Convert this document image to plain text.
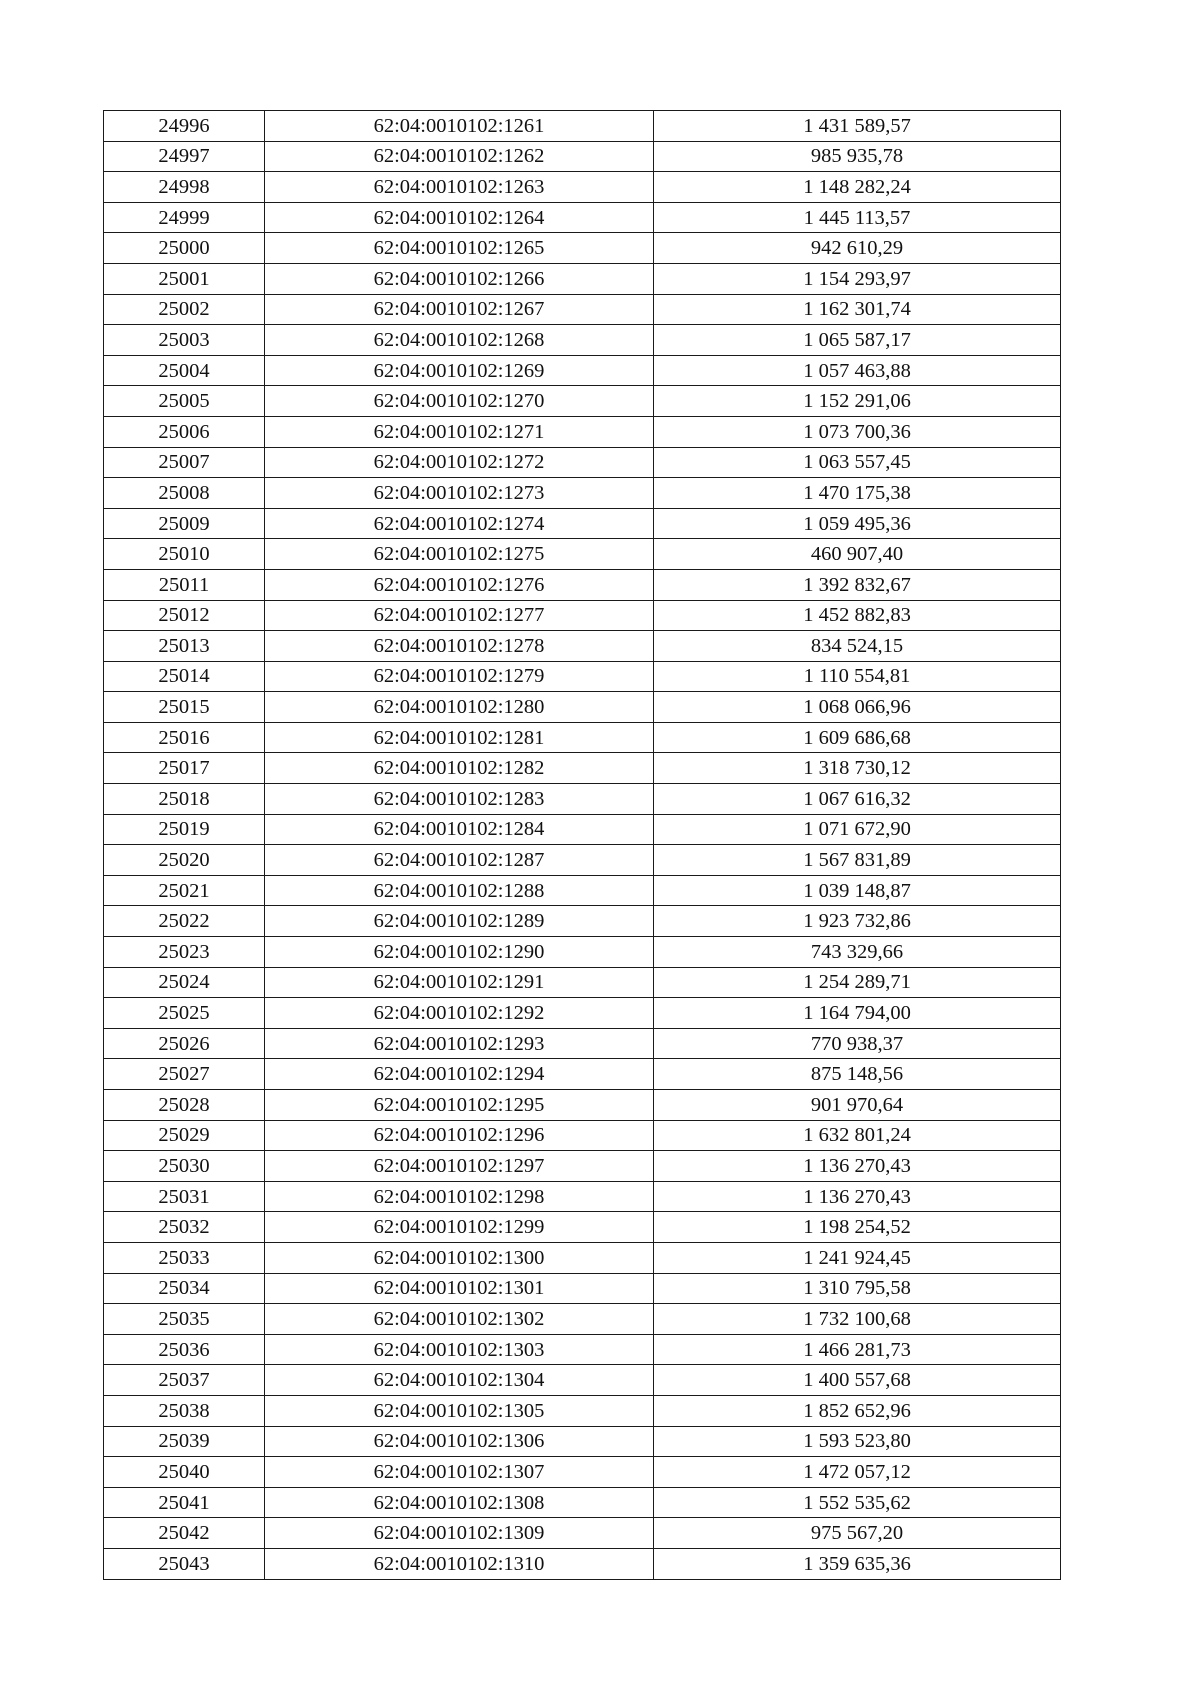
24996	62:04:0010102:1261	1 431 589,57
24997	62:04:0010102:1262	985 935,78
24998	62:04:0010102:1263	1 148 282,24
24999	62:04:0010102:1264	1 445 113,57
25000	62:04:0010102:1265	942 610,29
25001	62:04:0010102:1266	1 154 293,97
25002	62:04:0010102:1267	1 162 301,74
25003	62:04:0010102:1268	1 065 587,17
25004	62:04:0010102:1269	1 057 463,88
25005	62:04:0010102:1270	1 152 291,06
25006	62:04:0010102:1271	1 073 700,36
25007	62:04:0010102:1272	1 063 557,45
25008	62:04:0010102:1273	1 470 175,38
25009	62:04:0010102:1274	1 059 495,36
25010	62:04:0010102:1275	460 907,40
25011	62:04:0010102:1276	1 392 832,67
25012	62:04:0010102:1277	1 452 882,83
25013	62:04:0010102:1278	834 524,15
25014	62:04:0010102:1279	1 110 554,81
25015	62:04:0010102:1280	1 068 066,96
25016	62:04:0010102:1281	1 609 686,68
25017	62:04:0010102:1282	1 318 730,12
25018	62:04:0010102:1283	1 067 616,32
25019	62:04:0010102:1284	1 071 672,90
25020	62:04:0010102:1287	1 567 831,89
25021	62:04:0010102:1288	1 039 148,87
25022	62:04:0010102:1289	1 923 732,86
25023	62:04:0010102:1290	743 329,66
25024	62:04:0010102:1291	1 254 289,71
25025	62:04:0010102:1292	1 164 794,00
25026	62:04:0010102:1293	770 938,37
25027	62:04:0010102:1294	875 148,56
25028	62:04:0010102:1295	901 970,64
25029	62:04:0010102:1296	1 632 801,24
25030	62:04:0010102:1297	1 136 270,43
25031	62:04:0010102:1298	1 136 270,43
25032	62:04:0010102:1299	1 198 254,52
25033	62:04:0010102:1300	1 241 924,45
25034	62:04:0010102:1301	1 310 795,58
25035	62:04:0010102:1302	1 732 100,68
25036	62:04:0010102:1303	1 466 281,73
25037	62:04:0010102:1304	1 400 557,68
25038	62:04:0010102:1305	1 852 652,96
25039	62:04:0010102:1306	1 593 523,80
25040	62:04:0010102:1307	1 472 057,12
25041	62:04:0010102:1308	1 552 535,62
25042	62:04:0010102:1309	975 567,20
25043	62:04:0010102:1310	1 359 635,36
